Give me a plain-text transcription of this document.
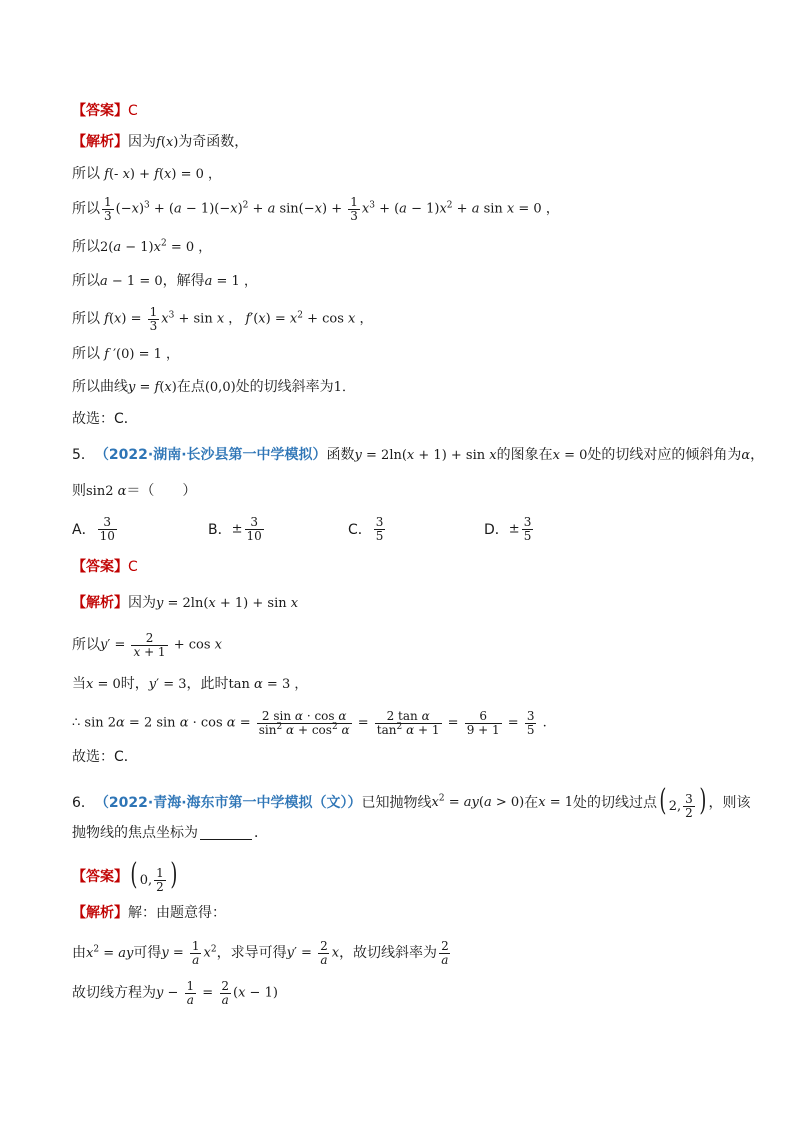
【答案】 C
【解析】 因为 f(x) 为奇函数，
所以 f(- x) + f(x) = 0 ，
所以 $\frac{1}{3} (-x)^3 + (a - 1)(-x)^2 + a$ $\sin(-x) + \frac{1}{3} x^3 + (a - 1)x^2 + a$ sin x = 0 ，
所以 $2(a - 1)x^2 = 0$ ，
所以 a − 1 = 0 ，解得 a = 1 ，
所以 $f(x) = \frac{1}{3} x^3 + \sin x$ ， $f'(x) = x^2 + \cos x$ ，
所以 f ′(0) = 1 ，
所以曲线 y = f(x) 在点 (0,0) 处的切线斜率为 1．
故选：C．
5． （2022·湖南·长沙县第一中学模拟） 函数 y = 2ln(x + 1) + sin x 的图象在 x = 0 处的切线对应的倾斜角为 α ，
则 sin2 α ＝（　　）
A． $\frac{3}{10}$	B． ± $\frac{3}{10}$	C． $\frac{3}{5}$	D． ± $\frac{3}{5}$
【答案】 C
【解析】 因为 y = 2ln(x + 1) + sin x
所以 $y' = \frac{2}{x + 1} + \cos x$
当 x = 0 时， y′ = 3 ，此时 tan α = 3 ，
∴ sin 2α = 2 $\sin \alpha \cdot \cos \alpha = \frac{\text{2 sin α · cos α}}{\sin^2 \alpha + \cos^2 \alpha} = \frac{\text{2 tan α}}{\tan^2 \alpha + 1} = \frac{6}{9 + 1} = \frac{3}{5}$ .
故选：C．
6． （2022·青海·海东市第一中学模拟（文）） 已知抛物线 $x^2 = ay(a > 0)$ 在 x = 1 处的切线过点 ( 2, $\frac{3}{2}$ ) ，则该
抛物线的焦点坐标为	．
【答案】 ( 0, $\frac{1}{2}$ )
【解析】 解：由题意得：
由 $x^2$ = ay 可得 $y = \frac{1}{a} x^2$ ，求导可得 $y' = \frac{2}{a}$ x ，故切线斜率为 $\frac{2}{a}$
故切线方程为 $y - \frac{1}{a} = \frac{2}{a} (x - 1)$
